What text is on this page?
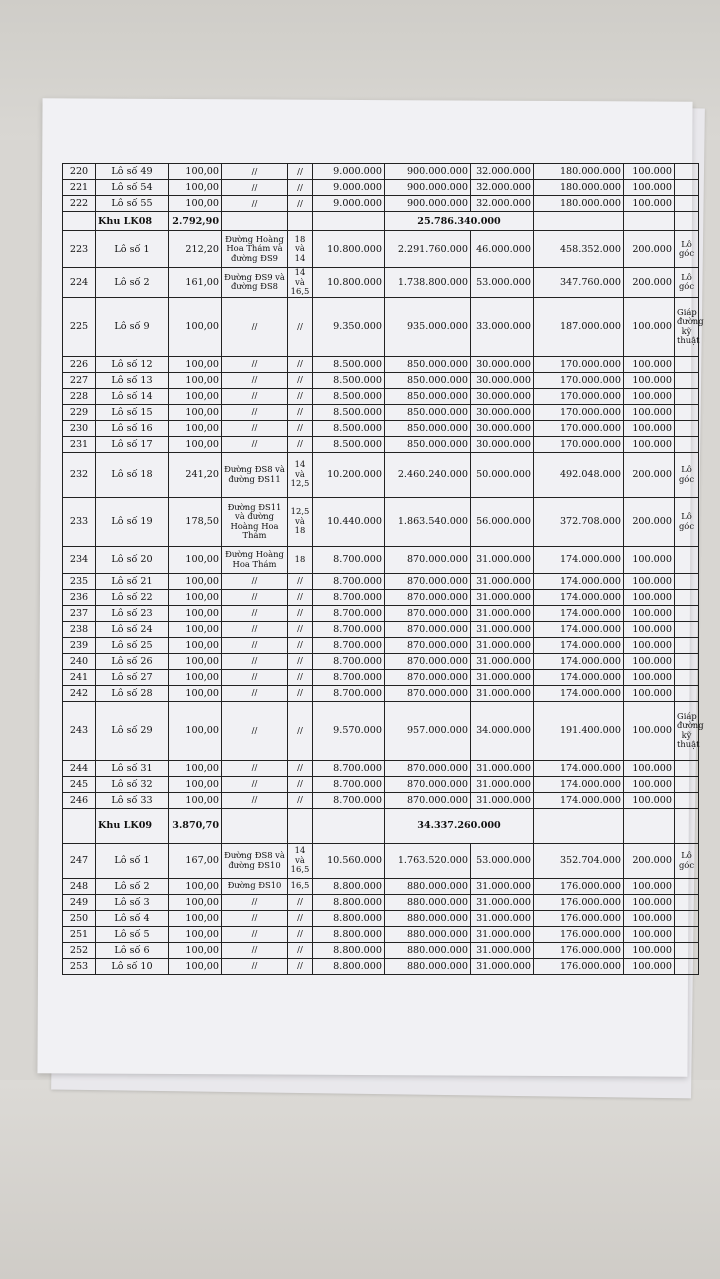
220	Lô số 49	100,00	//	//	9.000.000	900.000.000	32.000.000	180.000.000	100.000	
221	Lô số 54	100,00	//	//	9.000.000	900.000.000	32.000.000	180.000.000	100.000	
222	Lô số 55	100,00	//	//	9.000.000	900.000.000	32.000.000	180.000.000	100.000	
	Khu LK08	2.792,90				25.786.340.000				
223	Lô số 1	212,20	Đường Hoàng Hoa Thám và đường ĐS9	18 và 14	10.800.000	2.291.760.000	46.000.000	458.352.000	200.000	Lô góc
224	Lô số 2	161,00	Đường ĐS9 và đường ĐS8	14 và 16,5	10.800.000	1.738.800.000	53.000.000	347.760.000	200.000	Lô góc
225	Lô số 9	100,00	//	//	9.350.000	935.000.000	33.000.000	187.000.000	100.000	Giáp đường kỹ thuật
226	Lô số 12	100,00	//	//	8.500.000	850.000.000	30.000.000	170.000.000	100.000	
227	Lô số 13	100,00	//	//	8.500.000	850.000.000	30.000.000	170.000.000	100.000	
228	Lô số 14	100,00	//	//	8.500.000	850.000.000	30.000.000	170.000.000	100.000	
229	Lô số 15	100,00	//	//	8.500.000	850.000.000	30.000.000	170.000.000	100.000	
230	Lô số 16	100,00	//	//	8.500.000	850.000.000	30.000.000	170.000.000	100.000	
231	Lô số 17	100,00	//	//	8.500.000	850.000.000	30.000.000	170.000.000	100.000	
232	Lô số 18	241,20	Đường ĐS8 và đường ĐS11	14 và 12,5	10.200.000	2.460.240.000	50.000.000	492.048.000	200.000	Lô góc
233	Lô số 19	178,50	Đường ĐS11 và đường Hoàng Hoa Thám	12,5 và 18	10.440.000	1.863.540.000	56.000.000	372.708.000	200.000	Lô góc
234	Lô số 20	100,00	Đường Hoàng Hoa Thám	18	8.700.000	870.000.000	31.000.000	174.000.000	100.000	
235	Lô số 21	100,00	//	//	8.700.000	870.000.000	31.000.000	174.000.000	100.000	
236	Lô số 22	100,00	//	//	8.700.000	870.000.000	31.000.000	174.000.000	100.000	
237	Lô số 23	100,00	//	//	8.700.000	870.000.000	31.000.000	174.000.000	100.000	
238	Lô số 24	100,00	//	//	8.700.000	870.000.000	31.000.000	174.000.000	100.000	
239	Lô số 25	100,00	//	//	8.700.000	870.000.000	31.000.000	174.000.000	100.000	
240	Lô số 26	100,00	//	//	8.700.000	870.000.000	31.000.000	174.000.000	100.000	
241	Lô số 27	100,00	//	//	8.700.000	870.000.000	31.000.000	174.000.000	100.000	
242	Lô số 28	100,00	//	//	8.700.000	870.000.000	31.000.000	174.000.000	100.000	
243	Lô số 29	100,00	//	//	9.570.000	957.000.000	34.000.000	191.400.000	100.000	Giáp đường kỹ thuật
244	Lô số 31	100,00	//	//	8.700.000	870.000.000	31.000.000	174.000.000	100.000	
245	Lô số 32	100,00	//	//	8.700.000	870.000.000	31.000.000	174.000.000	100.000	
246	Lô số 33	100,00	//	//	8.700.000	870.000.000	31.000.000	174.000.000	100.000	
	Khu LK09	3.870,70				34.337.260.000				
247	Lô số 1	167,00	Đường ĐS8 và đường ĐS10	14 và 16,5	10.560.000	1.763.520.000	53.000.000	352.704.000	200.000	Lô góc
248	Lô số 2	100,00	Đường ĐS10	16,5	8.800.000	880.000.000	31.000.000	176.000.000	100.000	
249	Lô số 3	100,00	//	//	8.800.000	880.000.000	31.000.000	176.000.000	100.000	
250	Lô số 4	100,00	//	//	8.800.000	880.000.000	31.000.000	176.000.000	100.000	
251	Lô số 5	100,00	//	//	8.800.000	880.000.000	31.000.000	176.000.000	100.000	
252	Lô số 6	100,00	//	//	8.800.000	880.000.000	31.000.000	176.000.000	100.000	
253	Lô số 10	100,00	//	//	8.800.000	880.000.000	31.000.000	176.000.000	100.000	
